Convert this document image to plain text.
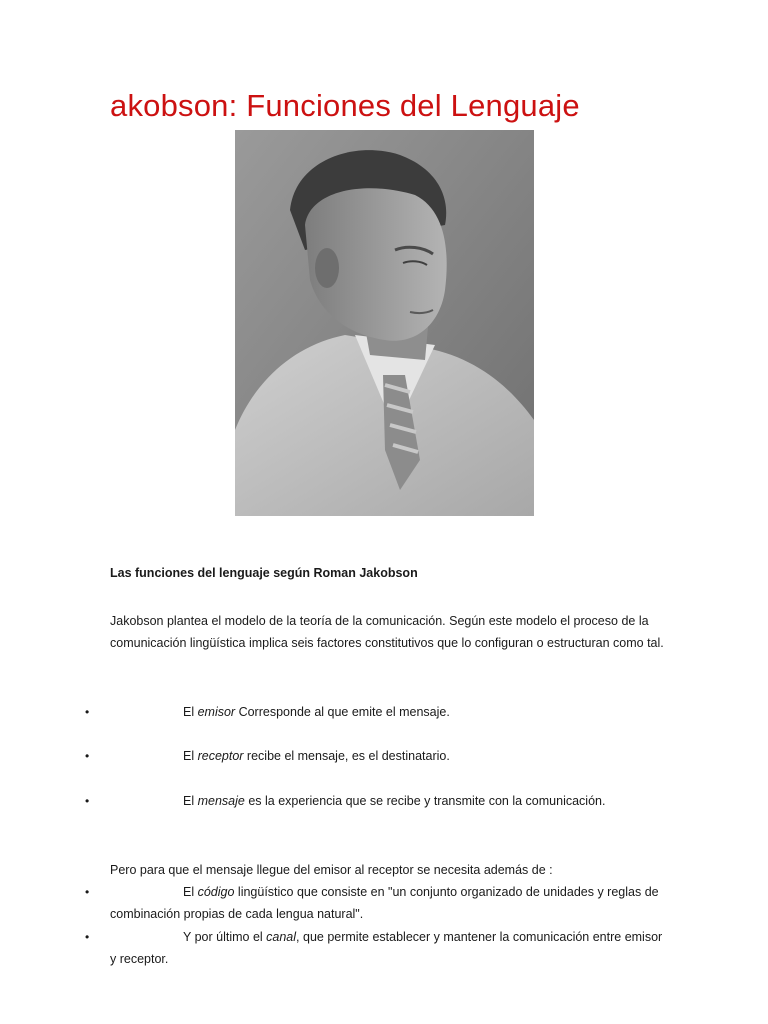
akobson: Funciones del Lenguaje
Las funciones del lenguaje según Roman Jakobson
Jakobson plantea el modelo de la teoría de la comunicación. Según este modelo el proceso de la comunicación lingüística implica seis factores constitutivos que lo configuran o estructuran como tal.
•	El emisor Corresponde al que emite el mensaje.
•	El receptor recibe el mensaje, es el destinatario.
•	El mensaje es la experiencia que se recibe y transmite con la comunicación.
Pero para que el mensaje llegue del emisor al receptor se necesita además de :
•	El código lingüístico que consiste en "un conjunto organizado de unidades y reglas de combinación propias de cada lengua natural".
•	Y por último el canal, que permite establecer y mantener la comunicación entre emisor y receptor.
